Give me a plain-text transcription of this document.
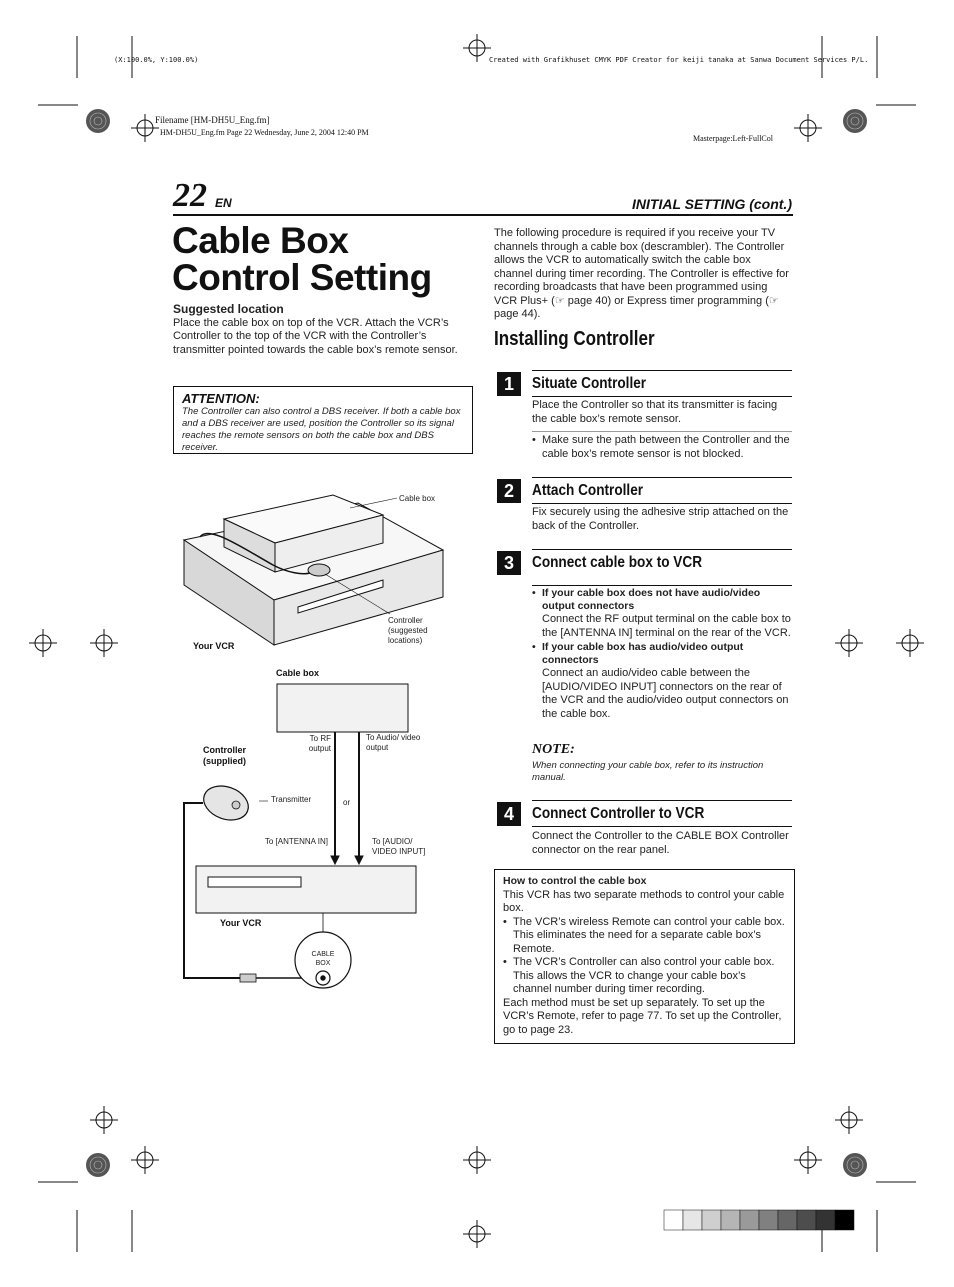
(X:100.0%, Y:100.0%)	Created with Grafikhuset CMYK PDF Creator for keiji tanaka at Sanwa Document Services P/L.
Filename [HM-DH5U_Eng.fm]
HM-DH5U_Eng.fm Page 22 Wednesday, June 2, 2004 12:40 PM
Masterpage:Left-FullCol
22 EN	INITIAL SETTING (cont.)
Cable Box
Control Setting
Suggested location
Place the cable box on top of the VCR. Attach the VCR’s Controller to the top of the VCR with the Controller’s transmitter pointed towards the cable box’s remote sensor.
ATTENTION:
The Controller can also control a DBS receiver. If both a cable box and a DBS receiver are used, position the Controller so its signal reaches the remote sensors on both the cable box and DBS receiver.
Cable box
Controller (suggested locations)
Your VCR
Cable box
To RF output
To Audio/ video output
Controller (supplied)
Transmitter	or
To [ANTENNA IN]	To [AUDIO/ VIDEO INPUT]
Your VCR
CABLE BOX
The following procedure is required if you receive your TV channels through a cable box (descrambler). The Controller allows the VCR to automatically switch the cable box channel during timer recording. The Controller is effective for recording broadcasts that have been programmed using VCR Plus+ (☞ page 40) or Express timer programming (☞ page 44).
Installing Controller
1	Situate Controller
Place the Controller so that its transmitter is facing the cable box’s remote sensor.
• Make sure the path between the Controller and the cable box’s remote sensor is not blocked.
2	Attach Controller
Fix securely using the adhesive strip attached on the back of the Controller.
3	Connect cable box to VCR
• If your cable box does not have audio/video output connectors
Connect the RF output terminal on the cable box to the [ANTENNA IN] terminal on the rear of the VCR.
• If your cable box has audio/video output connectors
Connect an audio/video cable between the [AUDIO/VIDEO INPUT] connectors on the rear of the VCR and the audio/video output connectors on the cable box.
NOTE:
When connecting your cable box, refer to its instruction manual.
4	Connect Controller to VCR
Connect the Controller to the CABLE BOX Controller connector on the rear panel.
How to control the cable box
This VCR has two separate methods to control your cable box.
• The VCR’s wireless Remote can control your cable box. This eliminates the need for a separate cable box’s Remote.
• The VCR’s Controller can also control your cable box. This allows the VCR to change your cable box’s channel number during timer recording.
Each method must be set up separately. To set up the VCR’s Remote, refer to page 77. To set up the Controller, go to page 23.
